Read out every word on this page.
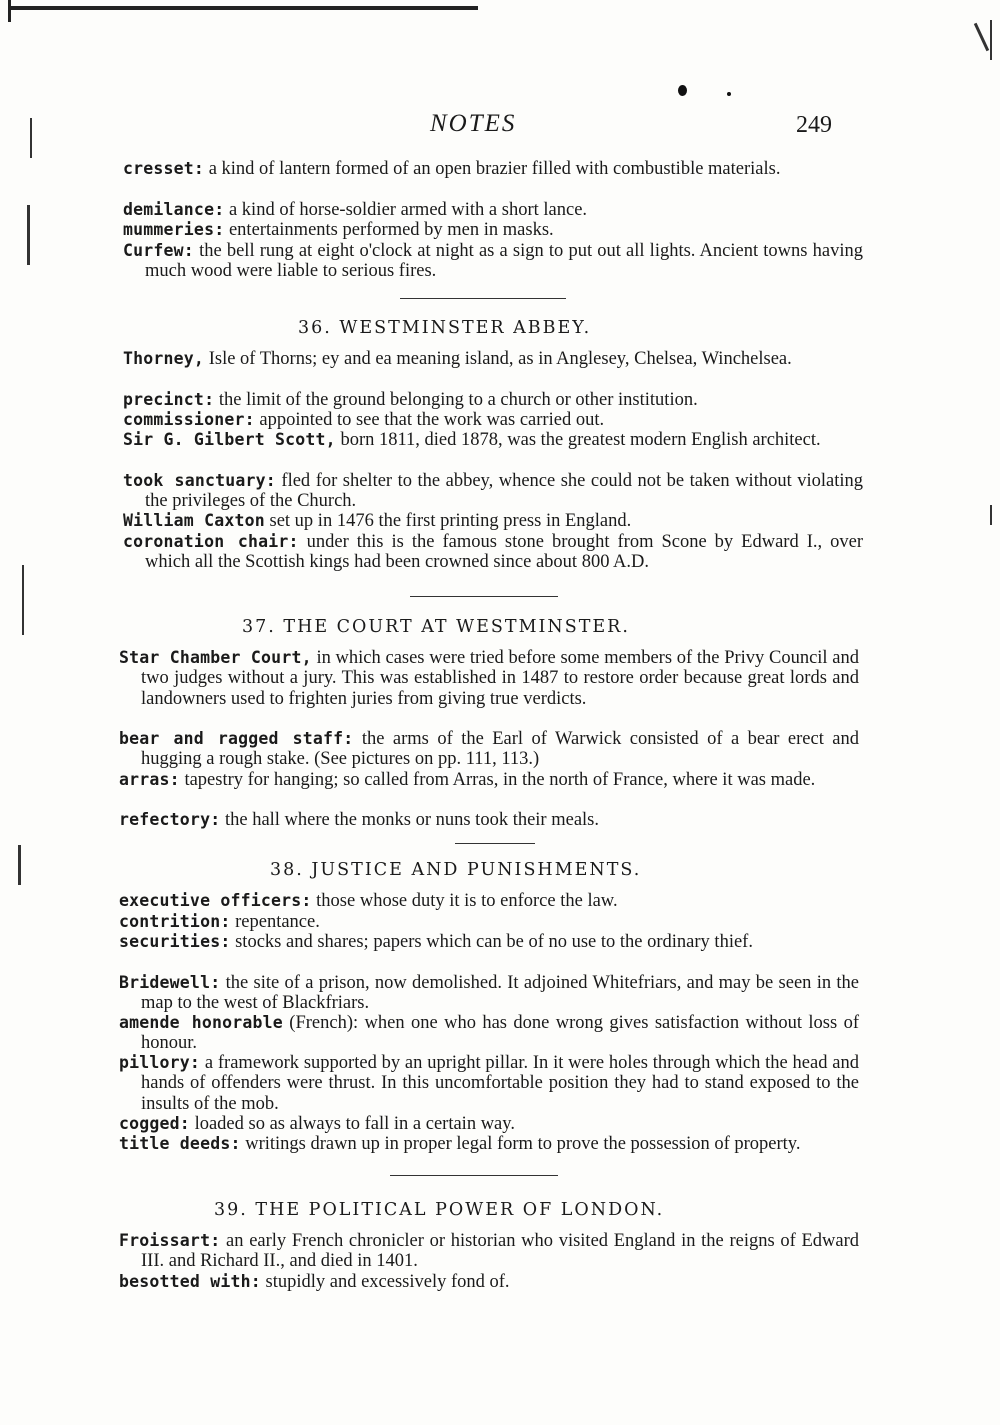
NOTES	249
cresset: a kind of lantern formed of an open brazier filled with combustible materials.
demilance: a kind of horse-soldier armed with a short lance.
mummeries: entertainments performed by men in masks.
Curfew: the bell rung at eight o'clock at night as a sign to put out all lights. Ancient towns having much wood were liable to serious fires.
36. WESTMINSTER ABBEY.
Thorney, Isle of Thorns; ey and ea meaning island, as in Anglesey, Chelsea, Winchelsea.
precinct: the limit of the ground belonging to a church or other institution.
commissioner: appointed to see that the work was carried out.
Sir G. Gilbert Scott, born 1811, died 1878, was the greatest modern English architect.
took sanctuary: fled for shelter to the abbey, whence she could not be taken without violating the privileges of the Church.
William Caxton set up in 1476 the first printing press in England.
coronation chair: under this is the famous stone brought from Scone by Edward I., over which all the Scottish kings had been crowned since about 800 A.D.
37. THE COURT AT WESTMINSTER.
Star Chamber Court, in which cases were tried before some members of the Privy Council and two judges without a jury. This was established in 1487 to restore order because great lords and landowners used to frighten juries from giving true verdicts.
bear and ragged staff: the arms of the Earl of Warwick consisted of a bear erect and hugging a rough stake. (See pictures on pp. 111, 113.)
arras: tapestry for hanging; so called from Arras, in the north of France, where it was made.
refectory: the hall where the monks or nuns took their meals.
38. JUSTICE AND PUNISHMENTS.
executive officers: those whose duty it is to enforce the law.
contrition: repentance.
securities: stocks and shares; papers which can be of no use to the ordinary thief.
Bridewell: the site of a prison, now demolished. It adjoined Whitefriars, and may be seen in the map to the west of Blackfriars.
amende honorable (French): when one who has done wrong gives satisfaction without loss of honour.
pillory: a framework supported by an upright pillar. In it were holes through which the head and hands of offenders were thrust. In this uncomfortable position they had to stand exposed to the insults of the mob.
cogged: loaded so as always to fall in a certain way.
title deeds: writings drawn up in proper legal form to prove the possession of property.
39. THE POLITICAL POWER OF LONDON.
Froissart: an early French chronicler or historian who visited England in the reigns of Edward III. and Richard II., and died in 1401.
besotted with: stupidly and excessively fond of.
